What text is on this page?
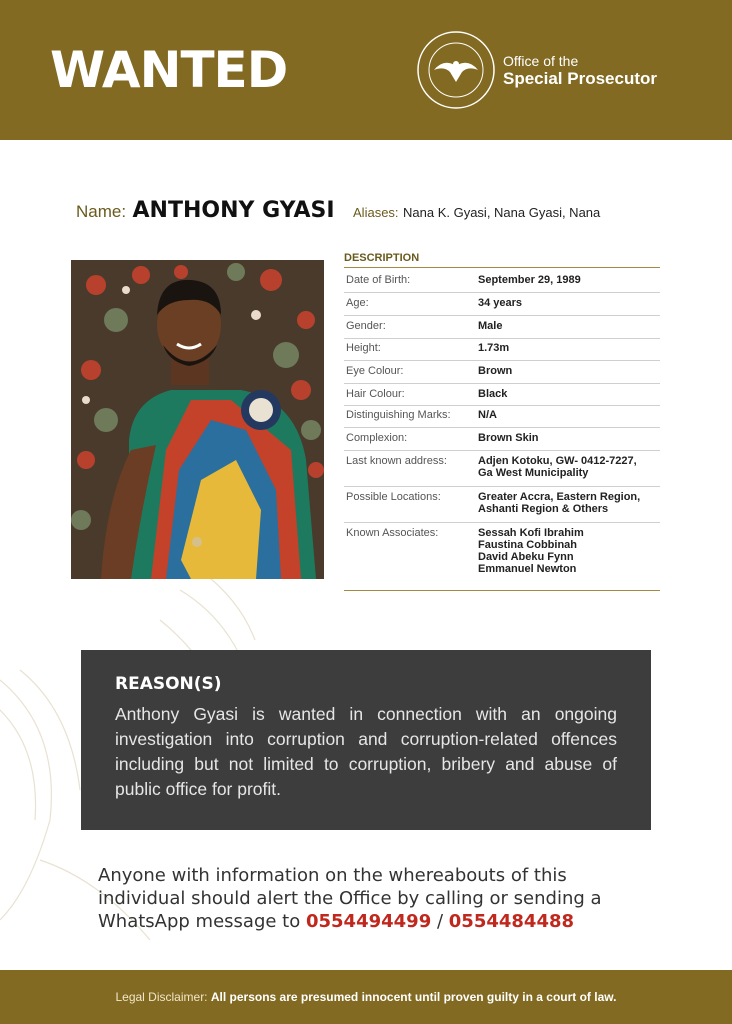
WANTED	Office of the
Special Prosecutor
Name: ANTHONY GYASI Aliases: Nana K. Gyasi, Nana Gyasi, Nana
DESCRIPTION
Date of Birth:	September 29, 1989
Age:	34 years
Gender:	Male
Height:	1.73m
Eye Colour:	Brown
Hair Colour:	Black
Distinguishing Marks:	N/A
Complexion:	Brown Skin
Last known address:	Adjen Kotoku, GW- 0412-7227,
Ga West Municipality
Possible Locations:	Greater Accra, Eastern Region,
Ashanti Region & Others
Known Associates:	Sessah Kofi Ibrahim
Faustina Cobbinah
David Abeku Fynn
Emmanuel Newton
REASON(S)
Anthony Gyasi is wanted in connection with an ongoing investigation into corruption and corruption-related offences including but not limited to corruption, bribery and abuse of public office for profit.
Anyone with information on the whereabouts of this individual should alert the Office by calling or sending a WhatsApp message to 0554494499 / 0554484488
Legal Disclaimer: All persons are presumed innocent until proven guilty in a court of law.
